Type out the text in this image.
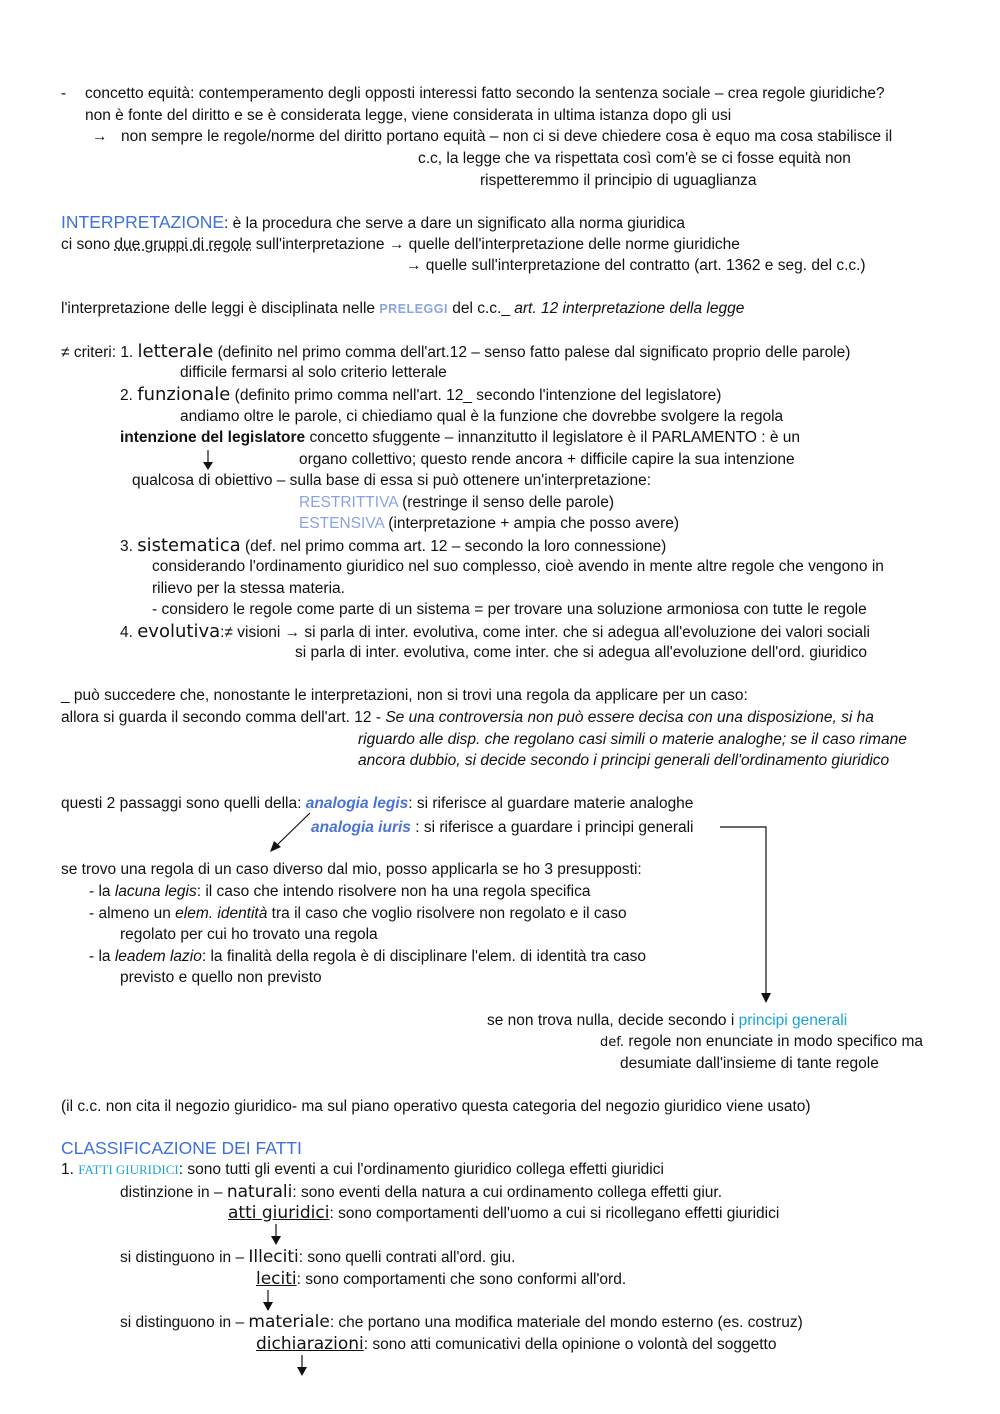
- concetto equità: contemperamento degli opposti interessi fatto secondo la sentenza sociale – crea regole giuridiche?
non è fonte del diritto e se è considerata legge, viene considerata in ultima istanza dopo gli usi
→ non sempre le regole/norme del diritto portano equità – non ci si deve chiedere cosa è equo ma cosa stabilisce il
c.c, la legge che va rispettata così com'è se ci fosse equità non
rispetteremmo il principio di uguaglianza
INTERPRETAZIONE: è la procedura che serve a dare un significato alla norma giuridica
ci sono due gruppi di regole sull'interpretazione → quelle dell'interpretazione delle norme giuridiche
→ quelle sull'interpretazione del contratto (art. 1362 e seg. del c.c.)
l'interpretazione delle leggi è disciplinata nelle PRELEGGI del c.c._ art. 12 interpretazione della legge
≠ criteri: 1. letterale (definito nel primo comma dell'art.12 – senso fatto palese dal significato proprio delle parole)
difficile fermarsi al solo criterio letterale
2. funzionale (definito primo comma nell'art. 12_ secondo l'intenzione del legislatore)
andiamo oltre le parole, ci chiediamo qual è la funzione che dovrebbe svolgere la regola
intenzione del legislatore concetto sfuggente – innanzitutto il legislatore è il PARLAMENTO : è un
organo collettivo; questo rende ancora + difficile capire la sua intenzione
qualcosa di obiettivo – sulla base di essa si può ottenere un'interpretazione:
RESTRITTIVA (restringe il senso delle parole)
ESTENSIVA (interpretazione + ampia che posso avere)
3. sistematica (def. nel primo comma art. 12 – secondo la loro connessione)
considerando l'ordinamento giuridico nel suo complesso, cioè avendo in mente altre regole che vengono in
rilievo per la stessa materia.
- considero le regole come parte di un sistema = per trovare una soluzione armoniosa con tutte le regole
4. evolutiva:≠ visioni → si parla di inter. evolutiva, come inter. che si adegua all'evoluzione dei valori sociali
si parla di inter. evolutiva, come inter. che si adegua all'evoluzione dell'ord. giuridico
_ può succedere che, nonostante le interpretazioni, non si trovi una regola da applicare per un caso:
allora si guarda il secondo comma dell'art. 12 - Se una controversia non può essere decisa con una disposizione, si ha
riguardo alle disp. che regolano casi simili o materie analoghe; se il caso rimane
ancora dubbio, si decide secondo i principi generali dell'ordinamento giuridico
questi 2 passaggi sono quelli della: analogia legis: si riferisce al guardare materie analoghe
analogia iuris : si riferisce a guardare i principi generali
se trovo una regola di un caso diverso dal mio, posso applicarla se ho 3 presupposti:
- la lacuna legis: il caso che intendo risolvere non ha una regola specifica
- almeno un elem. identità tra il caso che voglio risolvere non regolato e il caso
regolato per cui ho trovato una regola
- la leadem lazio: la finalità della regola è di disciplinare l'elem. di identità tra caso
previsto e quello non previsto
se non trova nulla, decide secondo i principi generali
def. regole non enunciate in modo specifico ma
desumiate dall'insieme di tante regole
(il c.c. non cita il negozio giuridico- ma sul piano operativo questa categoria del negozio giuridico viene usato)
CLASSIFICAZIONE DEI FATTI
1. FATTI GIURIDICI: sono tutti gli eventi a cui l'ordinamento giuridico collega effetti giuridici
distinzione in – naturali: sono eventi della natura a cui ordinamento collega effetti giur.
atti giuridici: sono comportamenti dell'uomo a cui si ricollegano effetti giuridici
si distinguono in – Illeciti: sono quelli contrati all'ord. giu.
leciti: sono comportamenti che sono conformi all'ord.
si distinguono in – materiale: che portano una modifica materiale del mondo esterno (es. costruz)
dichiarazioni: sono atti comunicativi della opinione o volontà del soggetto
